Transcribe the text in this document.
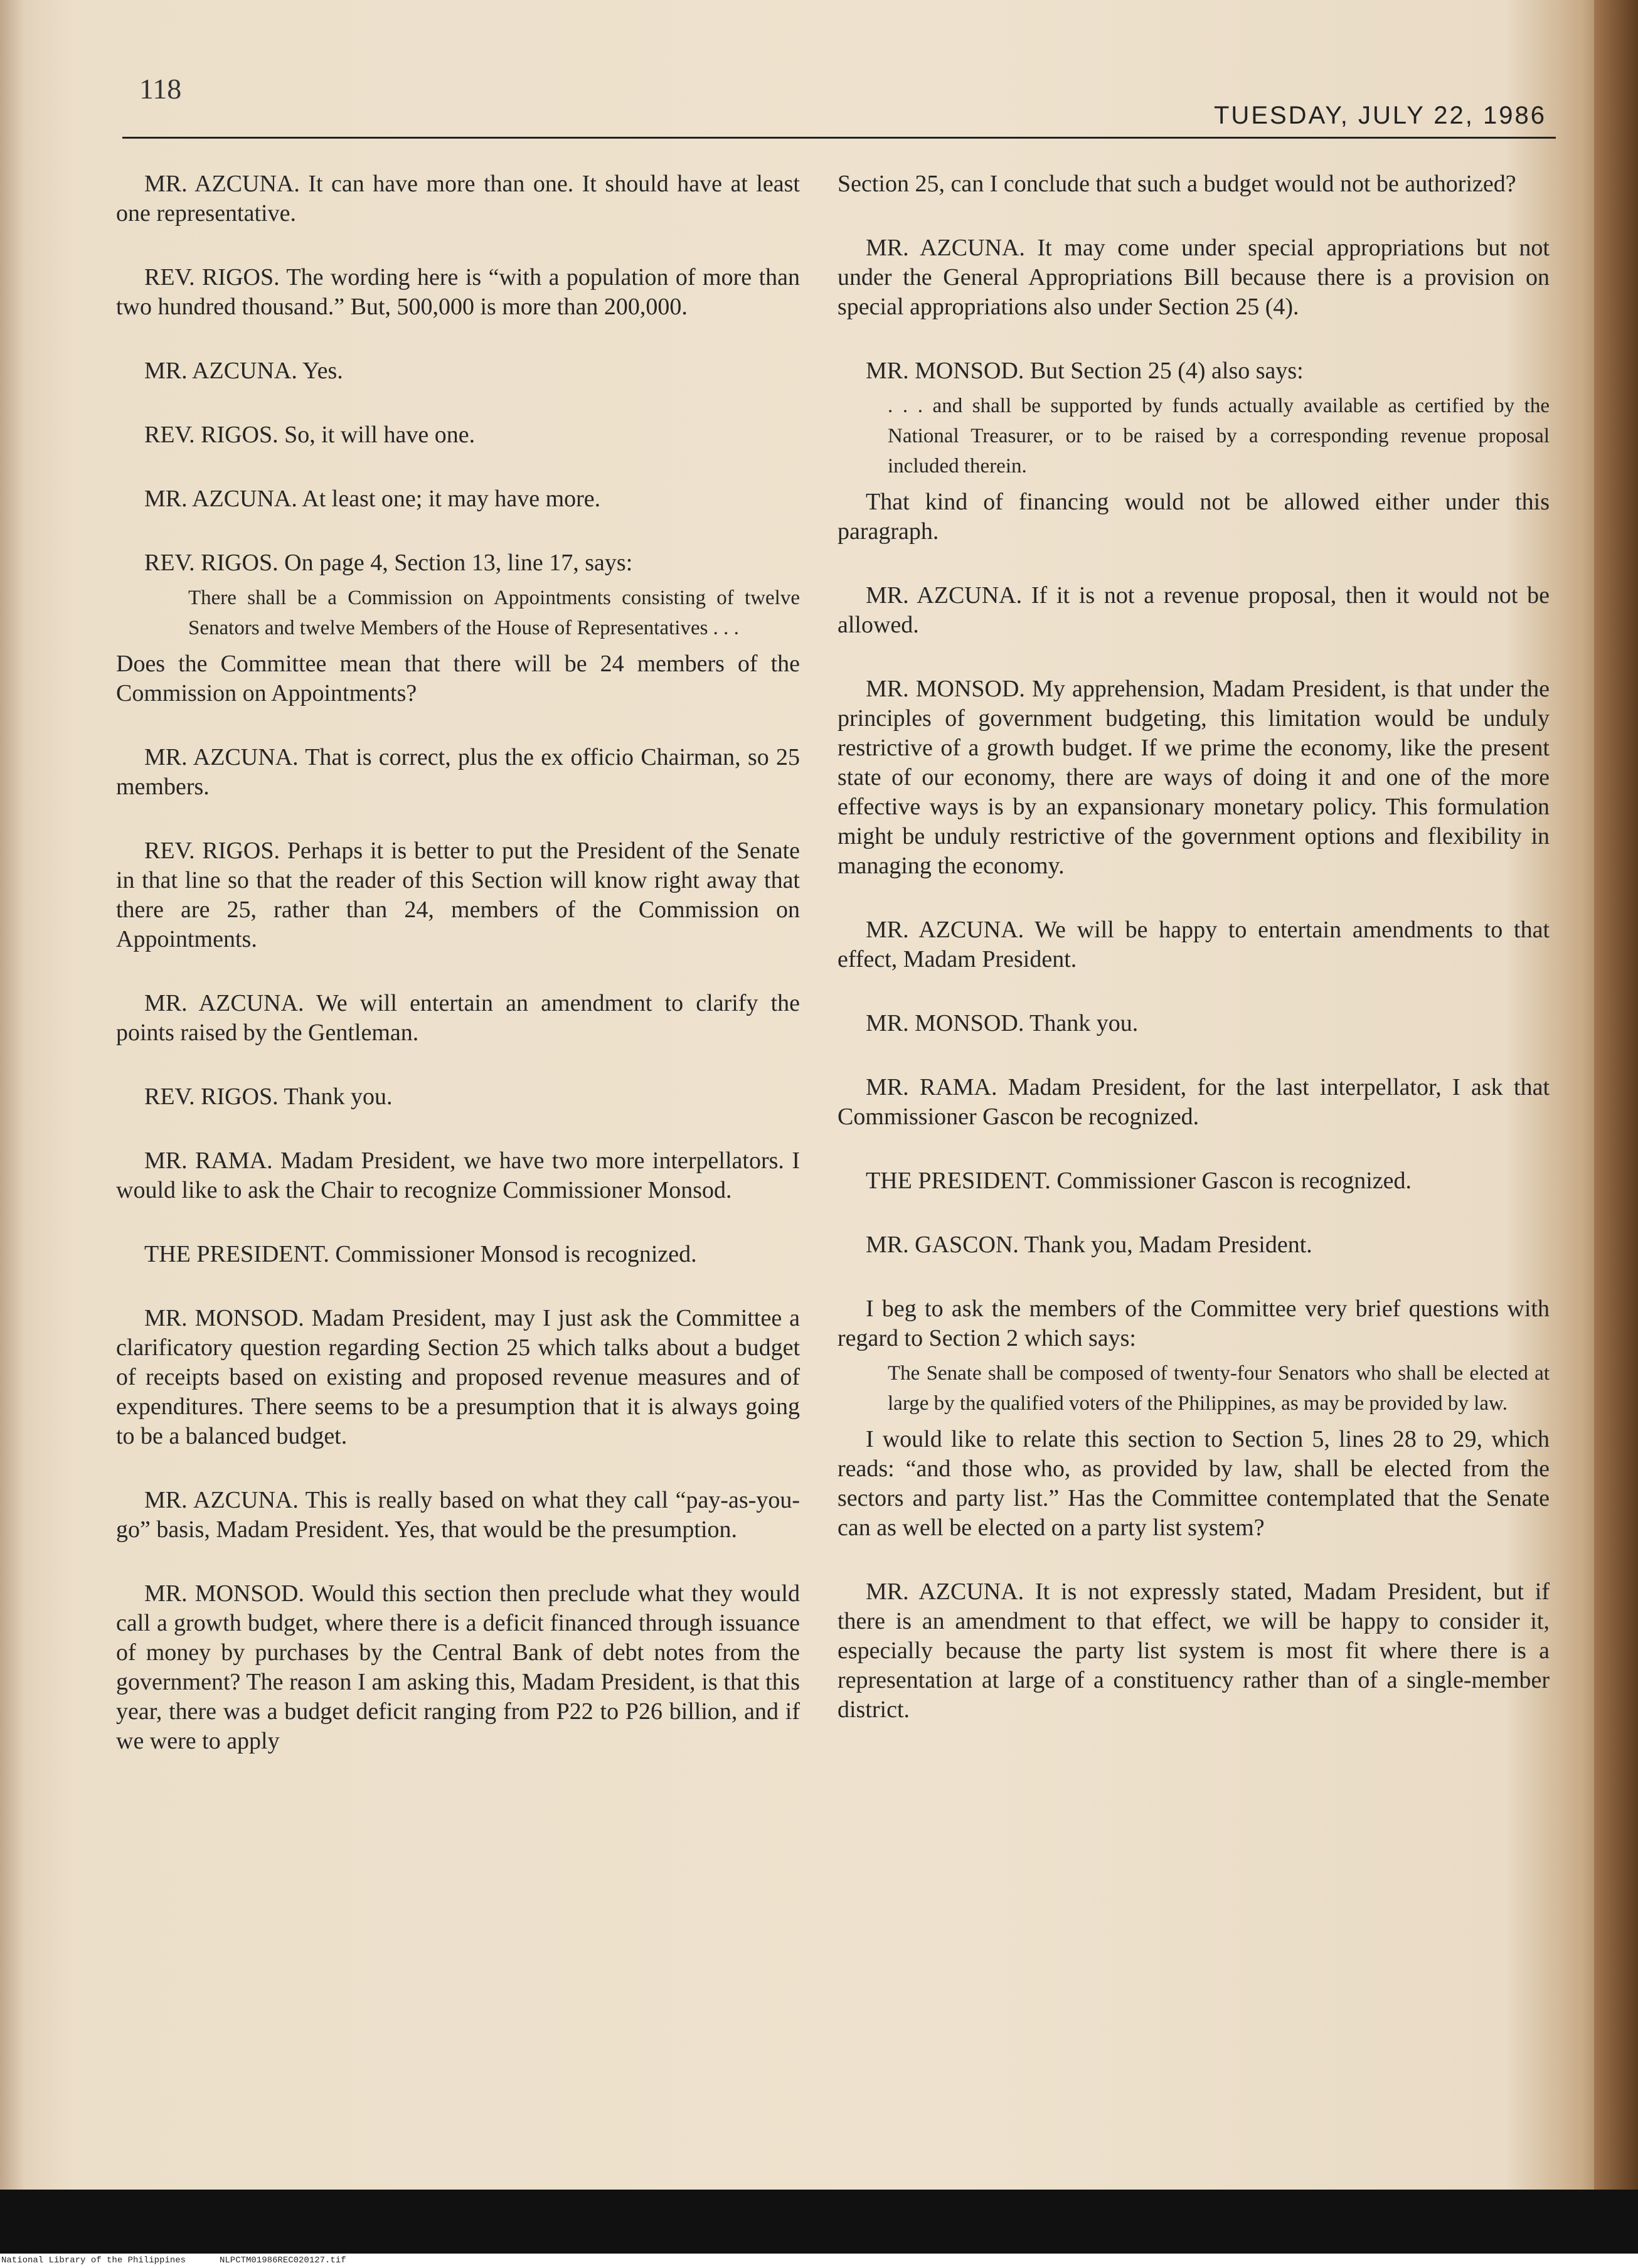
118
TUESDAY, JULY 22, 1986

MR. AZCUNA. It can have more than one. It should have at least one representative.

REV. RIGOS. The wording here is “with a population of more than two hundred thousand.” But, 500,000 is more than 200,000.

MR. AZCUNA. Yes.

REV. RIGOS. So, it will have one.

MR. AZCUNA. At least one; it may have more.

REV. RIGOS. On page 4, Section 13, line 17, says:

There shall be a Commission on Appointments consisting of twelve Senators and twelve Members of the House of Representatives . . .

Does the Committee mean that there will be 24 members of the Commission on Appointments?

MR. AZCUNA. That is correct, plus the ex officio Chairman, so 25 members.

REV. RIGOS. Perhaps it is better to put the President of the Senate in that line so that the reader of this Section will know right away that there are 25, rather than 24, members of the Commission on Appointments.

MR. AZCUNA. We will entertain an amendment to clarify the points raised by the Gentleman.

REV. RIGOS. Thank you.

MR. RAMA. Madam President, we have two more interpellators. I would like to ask the Chair to recognize Commissioner Monsod.

THE PRESIDENT. Commissioner Monsod is recognized.

MR. MONSOD. Madam President, may I just ask the Committee a clarificatory question regarding Section 25 which talks about a budget of receipts based on existing and proposed revenue measures and of expenditures. There seems to be a presumption that it is always going to be a balanced budget.

MR. AZCUNA. This is really based on what they call “pay-as-you-go” basis, Madam President. Yes, that would be the presumption.

MR. MONSOD. Would this section then preclude what they would call a growth budget, where there is a deficit financed through issuance of money by purchases by the Central Bank of debt notes from the government? The reason I am asking this, Madam President, is that this year, there was a budget deficit ranging from P22 to P26 billion, and if we were to apply

Section 25, can I conclude that such a budget would not be authorized?

MR. AZCUNA. It may come under special appropriations but not under the General Appropriations Bill because there is a provision on special appropriations also under Section 25 (4).

MR. MONSOD. But Section 25 (4) also says:

. . . and shall be supported by funds actually available as certified by the National Treasurer, or to be raised by a corresponding revenue proposal included therein.

That kind of financing would not be allowed either under this paragraph.

MR. AZCUNA. If it is not a revenue proposal, then it would not be allowed.

MR. MONSOD. My apprehension, Madam President, is that under the principles of government budgeting, this limitation would be unduly restrictive of a growth budget. If we prime the economy, like the present state of our economy, there are ways of doing it and one of the more effective ways is by an expansionary monetary policy. This formulation might be unduly restrictive of the government options and flexibility in managing the economy.

MR. AZCUNA. We will be happy to entertain amendments to that effect, Madam President.

MR. MONSOD. Thank you.

MR. RAMA. Madam President, for the last interpellator, I ask that Commissioner Gascon be recognized.

THE PRESIDENT. Commissioner Gascon is recognized.

MR. GASCON. Thank you, Madam President.

I beg to ask the members of the Committee very brief questions with regard to Section 2 which says:

The Senate shall be composed of twenty-four Senators who shall be elected at large by the qualified voters of the Philippines, as may be provided by law.

I would like to relate this section to Section 5, lines 28 to 29, which reads: “and those who, as provided by law, shall be elected from the sectors and party list.” Has the Committee contemplated that the Senate can as well be elected on a party list system?

MR. AZCUNA. It is not expressly stated, Madam President, but if there is an amendment to that effect, we will be happy to consider it, especially because the party list system is most fit where there is a representation at large of a constituency rather than of a single-member district.

National Library of the Philippines	NLPCTM01986REC020127.tif
